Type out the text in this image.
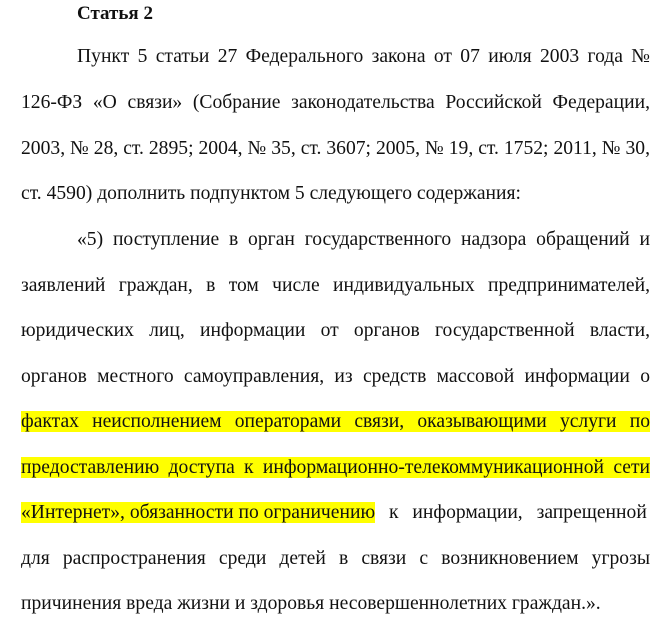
Статья 2
Пункт 5 статьи 27 Федерального закона от 07 июля 2003 года №
126-ФЗ «О связи» (Собрание законодательства Российской Федерации,
2003, № 28, ст. 2895; 2004, № 35, ст. 3607; 2005, № 19, ст. 1752; 2011, № 30,
ст. 4590) дополнить подпунктом 5 следующего содержания:
«5) поступление в орган государственного надзора обращений и
заявлений граждан, в том числе индивидуальных предпринимателей,
юридических лиц, информации от органов государственной власти,
органов местного самоуправления, из средств массовой информации о
фактах неисполнением операторами связи, оказывающими услуги по
предоставлению доступа к информационно-телекоммуникационной сети
«Интернет», обязанности по ограничению к информации, запрещенной
для распространения среди детей в связи с возникновением угрозы
причинения вреда жизни и здоровья несовершеннолетних граждан.».
